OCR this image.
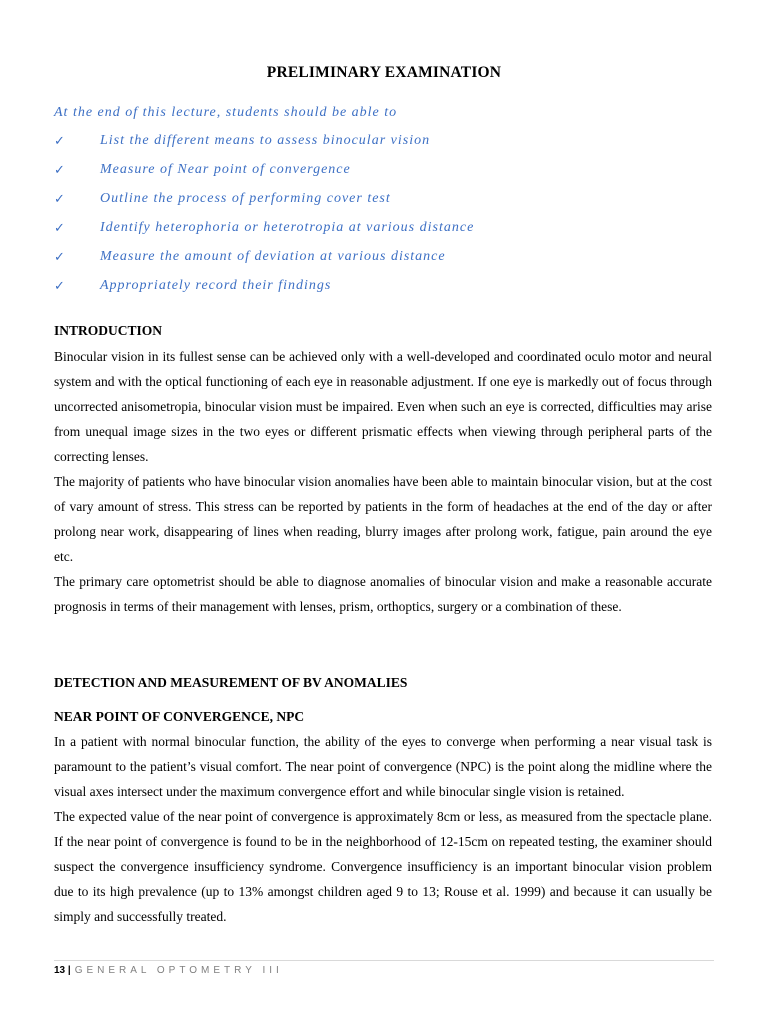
PRELIMINARY EXAMINATION
At the end of this lecture, students should be able to
✓ List the different means to assess binocular vision
✓ Measure of Near point of convergence
✓ Outline the process of performing cover test
✓ Identify heterophoria or heterotropia at various distance
✓ Measure the amount of deviation at various distance
✓ Appropriately record their findings
INTRODUCTION

Binocular vision in its fullest sense can be achieved only with a well-developed and coordinated oculo motor and neural system and with the optical functioning of each eye in reasonable adjustment. If one eye is markedly out of focus through uncorrected anisometropia, binocular vision must be impaired. Even when such an eye is corrected, difficulties may arise from unequal image sizes in the two eyes or different prismatic effects when viewing through peripheral parts of the correcting lenses.

The majority of patients who have binocular vision anomalies have been able to maintain binocular vision, but at the cost of vary amount of stress. This stress can be reported by patients in the form of headaches at the end of the day or after prolong near work, disappearing of lines when reading, blurry images after prolong work, fatigue, pain around the eye etc.

The primary care optometrist should be able to diagnose anomalies of binocular vision and make a reasonable accurate prognosis in terms of their management with lenses, prism, orthoptics, surgery or a combination of these.

DETECTION AND MEASUREMENT OF BV ANOMALIES
NEAR POINT OF CONVERGENCE, NPC

In a patient with normal binocular function, the ability of the eyes to converge when performing a near visual task is paramount to the patient’s visual comfort. The near point of convergence (NPC) is the point along the midline where the visual axes intersect under the maximum convergence effort and while binocular single vision is retained.

The expected value of the near point of convergence is approximately 8cm or less, as measured from the spectacle plane. If the near point of convergence is found to be in the neighborhood of 12-15cm on repeated testing, the examiner should suspect the convergence insufficiency syndrome. Convergence insufficiency is an important binocular vision problem due to its high prevalence (up to 13% amongst children aged 9 to 13; Rouse et al. 1999) and because it can usually be simply and successfully treated.

13 | GENERAL OPTOMETRY III
